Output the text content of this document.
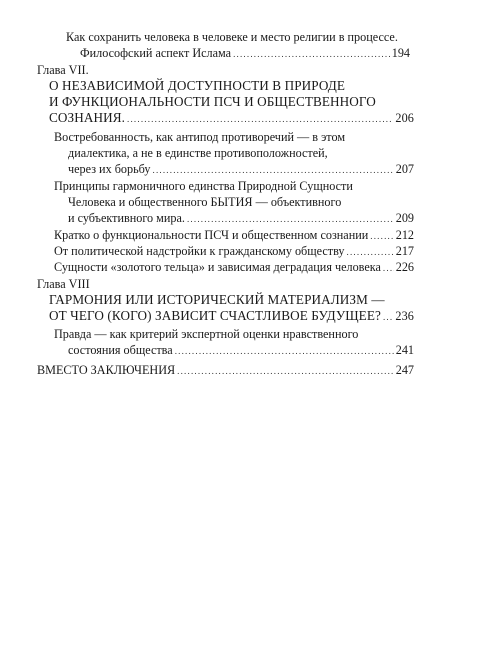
Как сохранить человека в человеке и место религии в процессе.
Философский аспект Ислама .....	194
Глава VII.
О НЕЗАВИСИМОЙ ДОСТУПНОСТИ В ПРИРОДЕ
И ФУНКЦИОНАЛЬНОСТИ ПСЧ И ОБЩЕСТВЕННОГО
СОЗНАНИЯ. .....	206
Востребованность, как антипод противоречий — в этом
диалектика, а не в единстве противоположностей,
через их борьбу .....	207
Принципы гармоничного единства Природной Сущности
Человека и общественного БЫТИЯ — объективного
и субъективного мира. .....	209
Кратко о функциональности ПСЧ и общественном сознании ..... 212
От политической надстройки к гражданскому обществу .....	217
Сущности «золотого тельца» и зависимая деградация человека ..... 226
Глава VIII
ГАРМОНИЯ ИЛИ ИСТОРИЧЕСКИЙ МАТЕРИАЛИЗМ —
ОТ ЧЕГО (КОГО) ЗАВИСИТ СЧАСТЛИВОЕ БУДУЩЕЕ? ..... 236
Правда — как критерий экспертной оценки нравственного
состояния общества .....	241
ВМЕСТО ЗАКЛЮЧЕНИЯ .....	247
